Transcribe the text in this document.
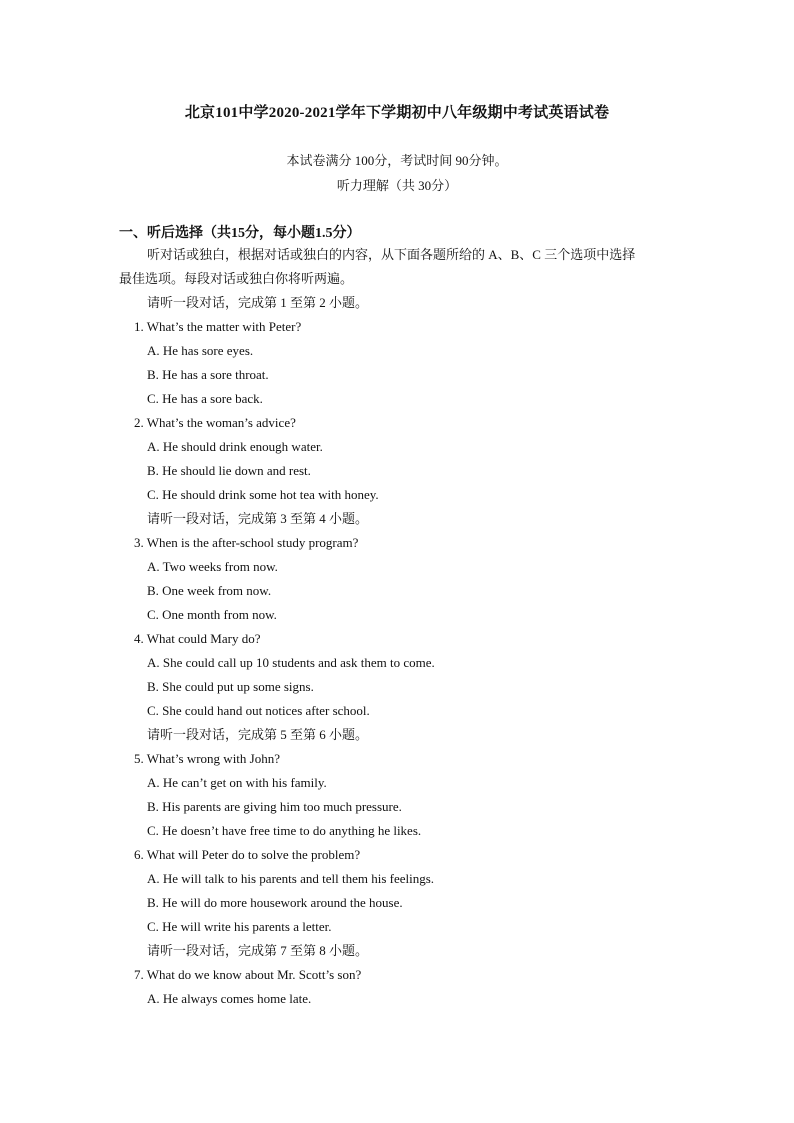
北京101中学2020-2021学年下学期初中八年级期中考试英语试卷
本试卷满分 100分，考试时间 90分钟。
听力理解（共 30分）
一、听后选择（共15分，每小题1.5分）
听对话或独白，根据对话或独白的内容，从下面各题所给的 A、B、C 三个选项中选择
最佳选项。每段对话或独白你将听两遍。
请听一段对话，完成第 1 至第 2 小题。
1. What’s the matter with Peter?
A. He has sore eyes.
B. He has a sore throat.
C. He has a sore back.
2. What’s the woman’s advice?
A. He should drink enough water.
B. He should lie down and rest.
C. He should drink some hot tea with honey.
请听一段对话，完成第 3 至第 4 小题。
3. When is the after-school study program?
A. Two weeks from now.
B. One week from now.
C. One month from now.
4. What could Mary do?
A. She could call up 10 students and ask them to come.
B. She could put up some signs.
C. She could hand out notices after school.
请听一段对话，完成第 5 至第 6 小题。
5. What’s wrong with John?
A. He can’t get on with his family.
B. His parents are giving him too much pressure.
C. He doesn’t have free time to do anything he likes.
6. What will Peter do to solve the problem?
A. He will talk to his parents and tell them his feelings.
B. He will do more housework around the house.
C. He will write his parents a letter.
请听一段对话，完成第 7 至第 8 小题。
7. What do we know about Mr. Scott’s son?
A. He always comes home late.
